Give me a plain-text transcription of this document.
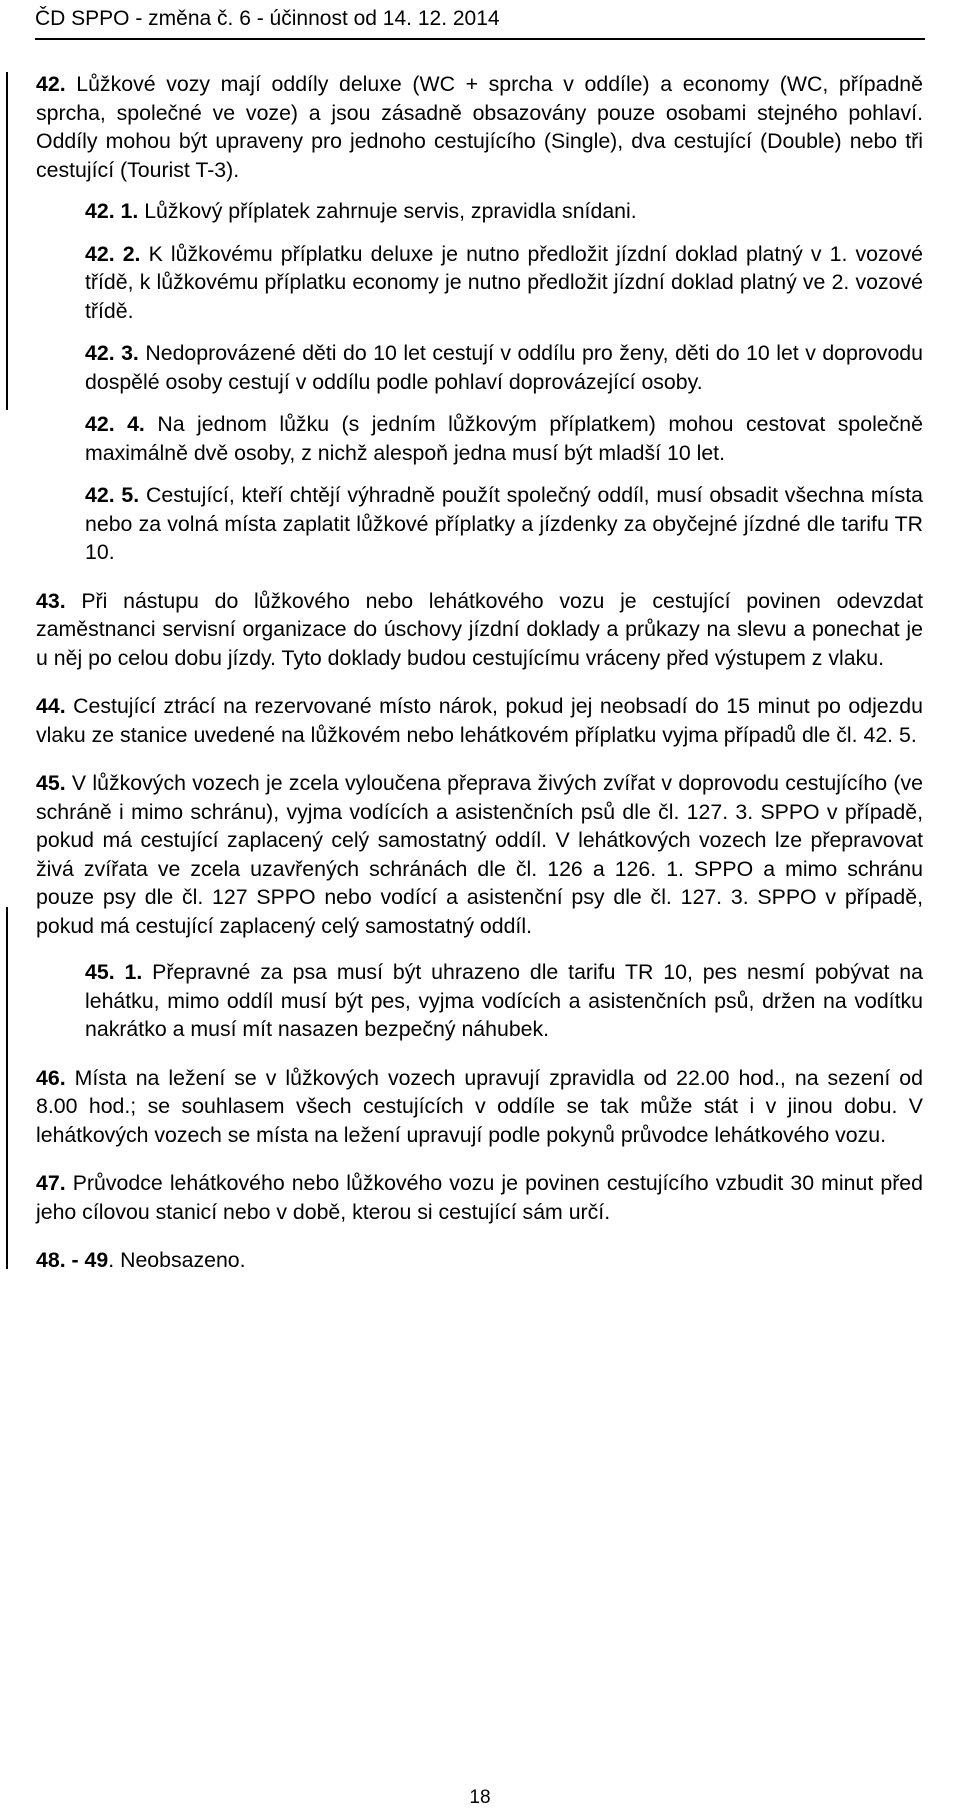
ČD SPPO - změna č. 6 - účinnost od 14. 12. 2014

42. Lůžkové vozy mají oddíly deluxe (WC + sprcha v oddíle) a economy (WC, případně sprcha, společné ve voze) a jsou zásadně obsazovány pouze osobami stejného pohlaví. Oddíly mohou být upraveny pro jednoho cestujícího (Single), dva cestující (Double) nebo tři cestující (Tourist T-3).

42. 1. Lůžkový příplatek zahrnuje servis, zpravidla snídani.

42. 2. K lůžkovému příplatku deluxe je nutno předložit jízdní doklad platný v 1. vozové třídě, k lůžkovému příplatku economy je nutno předložit jízdní doklad platný ve 2. vozové třídě.

42. 3. Nedoprovázené děti do 10 let cestují v oddílu pro ženy, děti do 10 let v doprovodu dospělé osoby cestují v oddílu podle pohlaví doprovázející osoby.

42. 4. Na jednom lůžku (s jedním lůžkovým příplatkem) mohou cestovat společně maximálně dvě osoby, z nichž alespoň jedna musí být mladší 10 let.

42. 5. Cestující, kteří chtějí výhradně použít společný oddíl, musí obsadit všechna místa nebo za volná místa zaplatit lůžkové příplatky a jízdenky za obyčejné jízdné dle tarifu TR 10.

43. Při nástupu do lůžkového nebo lehátkového vozu je cestující povinen odevzdat zaměstnanci servisní organizace do úschovy jízdní doklady a průkazy na slevu a ponechat je u něj po celou dobu jízdy. Tyto doklady budou cestujícímu vráceny před výstupem z vlaku.

44. Cestující ztrácí na rezervované místo nárok, pokud jej neobsadí do 15 minut po odjezdu vlaku ze stanice uvedené na lůžkovém nebo lehátkovém příplatku vyjma případů dle čl. 42. 5.

45. V lůžkových vozech je zcela vyloučena přeprava živých zvířat v doprovodu cestujícího (ve schráně i mimo schránu), vyjma vodících a asistenčních psů dle čl. 127. 3. SPPO v případě, pokud má cestující zaplacený celý samostatný oddíl. V lehátkových vozech lze přepravovat živá zvířata ve zcela uzavřených schránách dle čl. 126 a 126. 1. SPPO a mimo schránu pouze psy dle čl. 127 SPPO nebo vodící a asistenční psy dle čl. 127. 3. SPPO v případě, pokud má cestující zaplacený celý samostatný oddíl.

45. 1. Přepravné za psa musí být uhrazeno dle tarifu TR 10, pes nesmí pobývat na lehátku, mimo oddíl musí být pes, vyjma vodících a asistenčních psů, držen na vodítku nakrátko a musí mít nasazen bezpečný náhubek.

46. Místa na ležení se v lůžkových vozech upravují zpravidla od 22.00 hod., na sezení od 8.00 hod.; se souhlasem všech cestujících v oddíle se tak může stát i v jinou dobu. V lehátkových vozech se místa na ležení upravují podle pokynů průvodce lehátkového vozu.

47. Průvodce lehátkového nebo lůžkového vozu je povinen cestujícího vzbudit 30 minut před jeho cílovou stanicí nebo v době, kterou si cestující sám určí.

48. - 49. Neobsazeno.

18
